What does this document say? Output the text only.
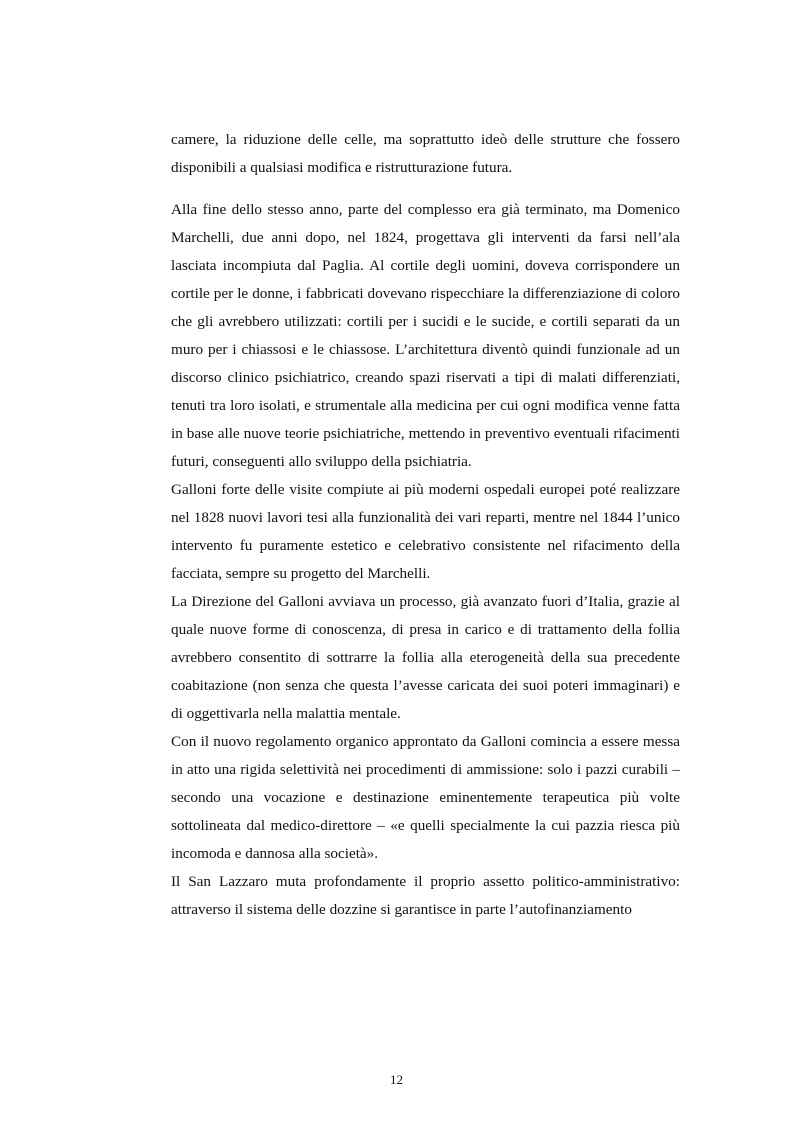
camere, la riduzione delle celle, ma soprattutto ideò delle strutture che fossero disponibili a qualsiasi modifica e ristrutturazione futura.

Alla fine dello stesso anno, parte del complesso era già terminato, ma Domenico Marchelli, due anni dopo, nel 1824, progettava gli interventi da farsi nell’ala lasciata incompiuta dal Paglia. Al cortile degli uomini, doveva corrispondere un cortile per le donne, i fabbricati dovevano rispecchiare la differenziazione di coloro che gli avrebbero utilizzati: cortili per i sucidi e le sucide, e cortili separati da un muro per i chiassosi e le chiassose. L’architettura diventò quindi funzionale ad un discorso clinico psichiatrico, creando spazi riservati a tipi di malati differenziati, tenuti tra loro isolati, e strumentale alla medicina per cui ogni modifica venne fatta in base alle nuove teorie psichiatriche, mettendo in preventivo eventuali rifacimenti futuri, conseguenti allo sviluppo della psichiatria.

Galloni forte delle visite compiute ai più moderni ospedali europei poté realizzare nel 1828 nuovi lavori tesi alla funzionalità dei vari reparti, mentre nel 1844 l’unico intervento fu puramente estetico e celebrativo consistente nel rifacimento della facciata, sempre su progetto del Marchelli.

La Direzione del Galloni avviava un processo, già avanzato fuori d’Italia, grazie al quale nuove forme di conoscenza, di presa in carico e di trattamento della follia avrebbero consentito di sottrarre la follia alla eterogeneità della sua precedente coabitazione (non senza che questa l’avesse caricata dei suoi poteri immaginari) e di oggettivarla nella malattia mentale.

Con il nuovo regolamento organico approntato da Galloni comincia a essere messa in atto una rigida selettività nei procedimenti di ammissione: solo i pazzi curabili – secondo una vocazione e destinazione eminentemente terapeutica più volte sottolineata dal medico-direttore – «e quelli specialmente la cui pazzia riesca più incomoda e dannosa alla società».

Il San Lazzaro muta profondamente il proprio assetto politico-amministrativo: attraverso il sistema delle dozzine si garantisce in parte l’autofinanziamento

12
